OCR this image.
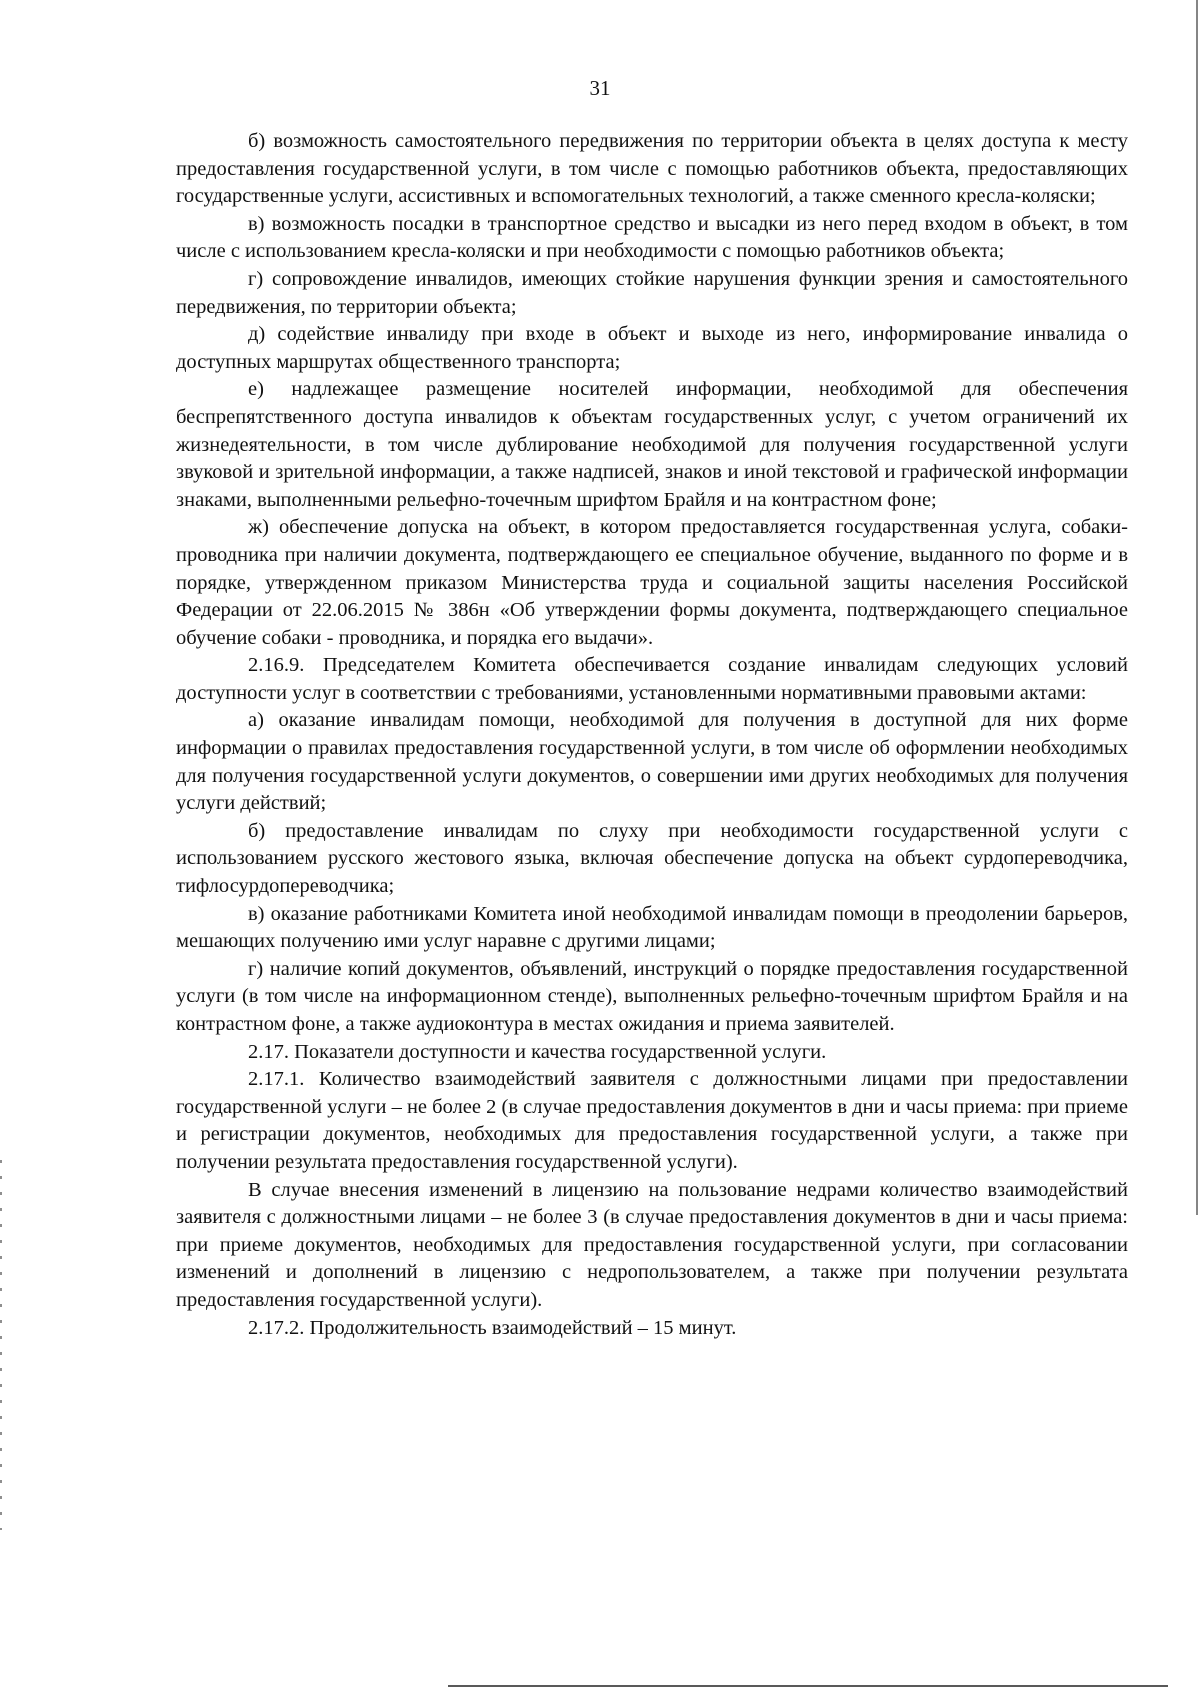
31

б) возможность самостоятельного передвижения по территории объекта в целях доступа к месту предоставления государственной услуги, в том числе с помощью работников объекта, предоставляющих государственные услуги, ассистивных и вспомогательных технологий, а также сменного кресла-коляски;

в) возможность посадки в транспортное средство и высадки из него перед входом в объект, в том числе с использованием кресла-коляски и при необходимости с помощью работников объекта;

г) сопровождение инвалидов, имеющих стойкие нарушения функции зрения и самостоятельного передвижения, по территории объекта;

д) содействие инвалиду при входе в объект и выходе из него, информирование инвалида о доступных маршрутах общественного транспорта;

е) надлежащее размещение носителей информации, необходимой для обеспечения беспрепятственного доступа инвалидов к объектам государственных услуг, с учетом ограничений их жизнедеятельности, в том числе дублирование необходимой для получения государственной услуги звуковой и зрительной информации, а также надписей, знаков и иной текстовой и графической информации знаками, выполненными рельефно-точечным шрифтом Брайля и на контрастном фоне;

ж) обеспечение допуска на объект, в котором предоставляется государственная услуга, собаки-проводника при наличии документа, подтверждающего ее специальное обучение, выданного по форме и в порядке, утвержденном приказом Министерства труда и социальной защиты населения Российской Федерации от 22.06.2015 № 386н «Об утверждении формы документа, подтверждающего специальное обучение собаки - проводника, и порядка его выдачи».

2.16.9. Председателем Комитета обеспечивается создание инвалидам следующих условий доступности услуг в соответствии с требованиями, установленными нормативными правовыми актами:

а) оказание инвалидам помощи, необходимой для получения в доступной для них форме информации о правилах предоставления государственной услуги, в том числе об оформлении необходимых для получения государственной услуги документов, о совершении ими других необходимых для получения услуги действий;

б) предоставление инвалидам по слуху при необходимости государственной услуги с использованием русского жестового языка, включая обеспечение допуска на объект сурдопереводчика, тифлосурдопереводчика;

в) оказание работниками Комитета иной необходимой инвалидам помощи в преодолении барьеров, мешающих получению ими услуг наравне с другими лицами;

г) наличие копий документов, объявлений, инструкций о порядке предоставления государственной услуги (в том числе на информационном стенде), выполненных рельефно-точечным шрифтом Брайля и на контрастном фоне, а также аудиоконтура в местах ожидания и приема заявителей.

2.17. Показатели доступности и качества государственной услуги.

2.17.1. Количество взаимодействий заявителя с должностными лицами при предоставлении государственной услуги – не более 2 (в случае предоставления документов в дни и часы приема: при приеме и регистрации документов, необходимых для предоставления государственной услуги, а также при получении результата предоставления государственной услуги).

В случае внесения изменений в лицензию на пользование недрами количество взаимодействий заявителя с должностными лицами – не более 3 (в случае предоставления документов в дни и часы приема: при приеме документов, необходимых для предоставления государственной услуги, при согласовании изменений и дополнений в лицензию с недропользователем, а также при получении результата предоставления государственной услуги).

2.17.2. Продолжительность взаимодействий – 15 минут.
